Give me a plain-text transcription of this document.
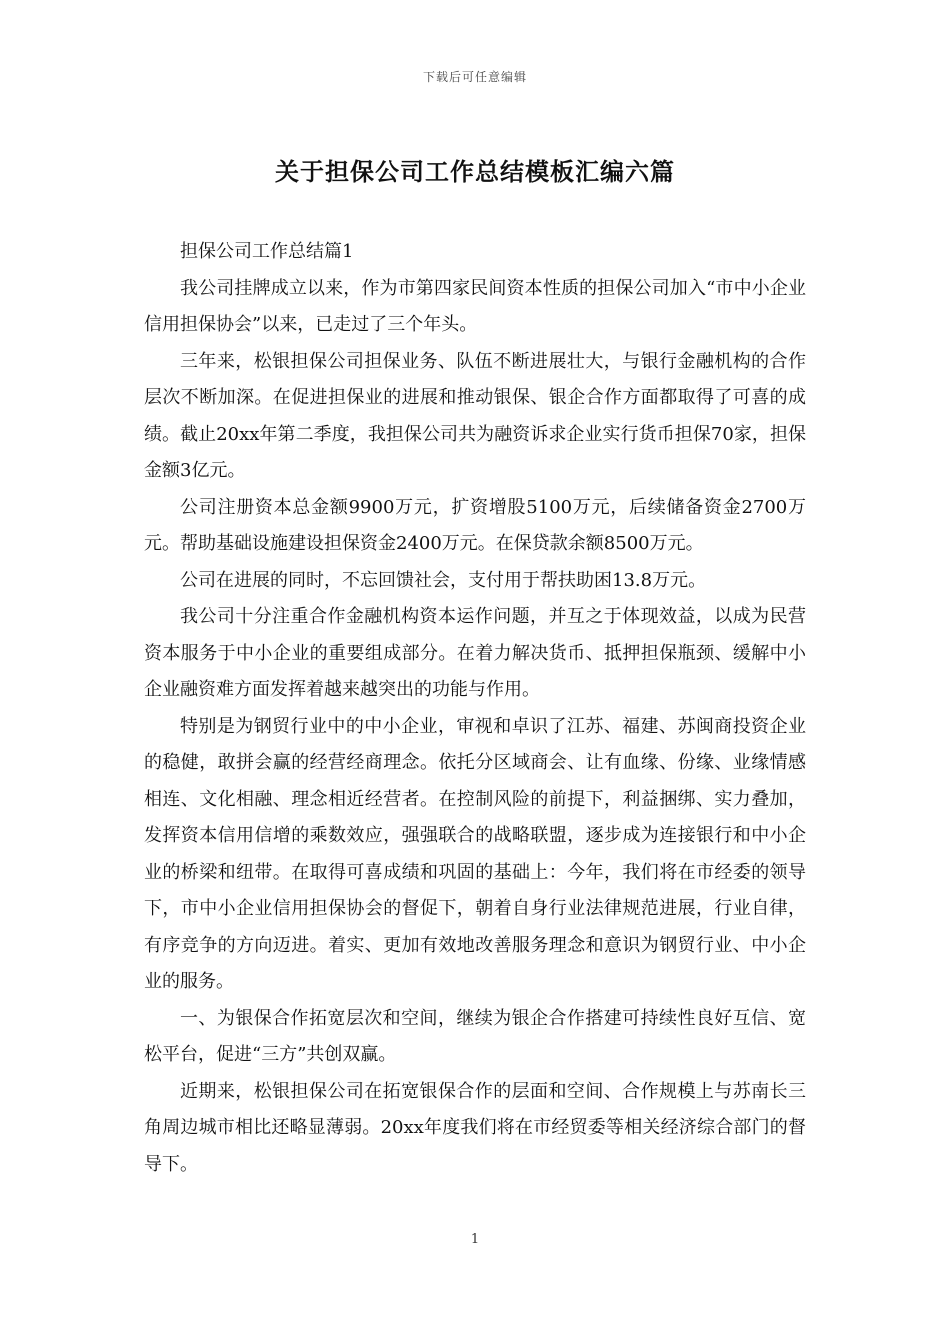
下载后可任意编辑
关于担保公司工作总结模板汇编六篇

担保公司工作总结篇1

我公司挂牌成立以来，作为市第四家民间资本性质的担保公司加入“市中小企业信用担保协会”以来，已走过了三个年头。

三年来，松银担保公司担保业务、队伍不断进展壮大，与银行金融机构的合作层次不断加深。在促进担保业的进展和推动银保、银企合作方面都取得了可喜的成绩。截止20xx年第二季度，我担保公司共为融资诉求企业实行货币担保70家，担保金额3亿元。

公司注册资本总金额9900万元，扩资增股5100万元，后续储备资金2700万元。帮助基础设施建设担保资金2400万元。在保贷款余额8500万元。

公司在进展的同时，不忘回馈社会，支付用于帮扶助困13.8万元。

我公司十分注重合作金融机构资本运作问题，并互之于体现效益，以成为民营资本服务于中小企业的重要组成部分。在着力解决货币、抵押担保瓶颈、缓解中小企业融资难方面发挥着越来越突出的功能与作用。

特别是为钢贸行业中的中小企业，审视和卓识了江苏、福建、苏闽商投资企业的稳健，敢拼会赢的经营经商理念。依托分区域商会、让有血缘、份缘、业缘情感相连、文化相融、理念相近经营者。在控制风险的前提下，利益捆绑、实力叠加，发挥资本信用信增的乘数效应，强强联合的战略联盟，逐步成为连接银行和中小企业的桥梁和纽带。在取得可喜成绩和巩固的基础上：今年，我们将在市经委的领导下，市中小企业信用担保协会的督促下，朝着自身行业法律规范进展，行业自律，有序竞争的方向迈进。着实、更加有效地改善服务理念和意识为钢贸行业、中小企业的服务。

一、为银保合作拓宽层次和空间，继续为银企合作搭建可持续性良好互信、宽松平台，促进“三方”共创双赢。

近期来，松银担保公司在拓宽银保合作的层面和空间、合作规模上与苏南长三角周边城市相比还略显薄弱。20xx年度我们将在市经贸委等相关经济综合部门的督导下。

1
